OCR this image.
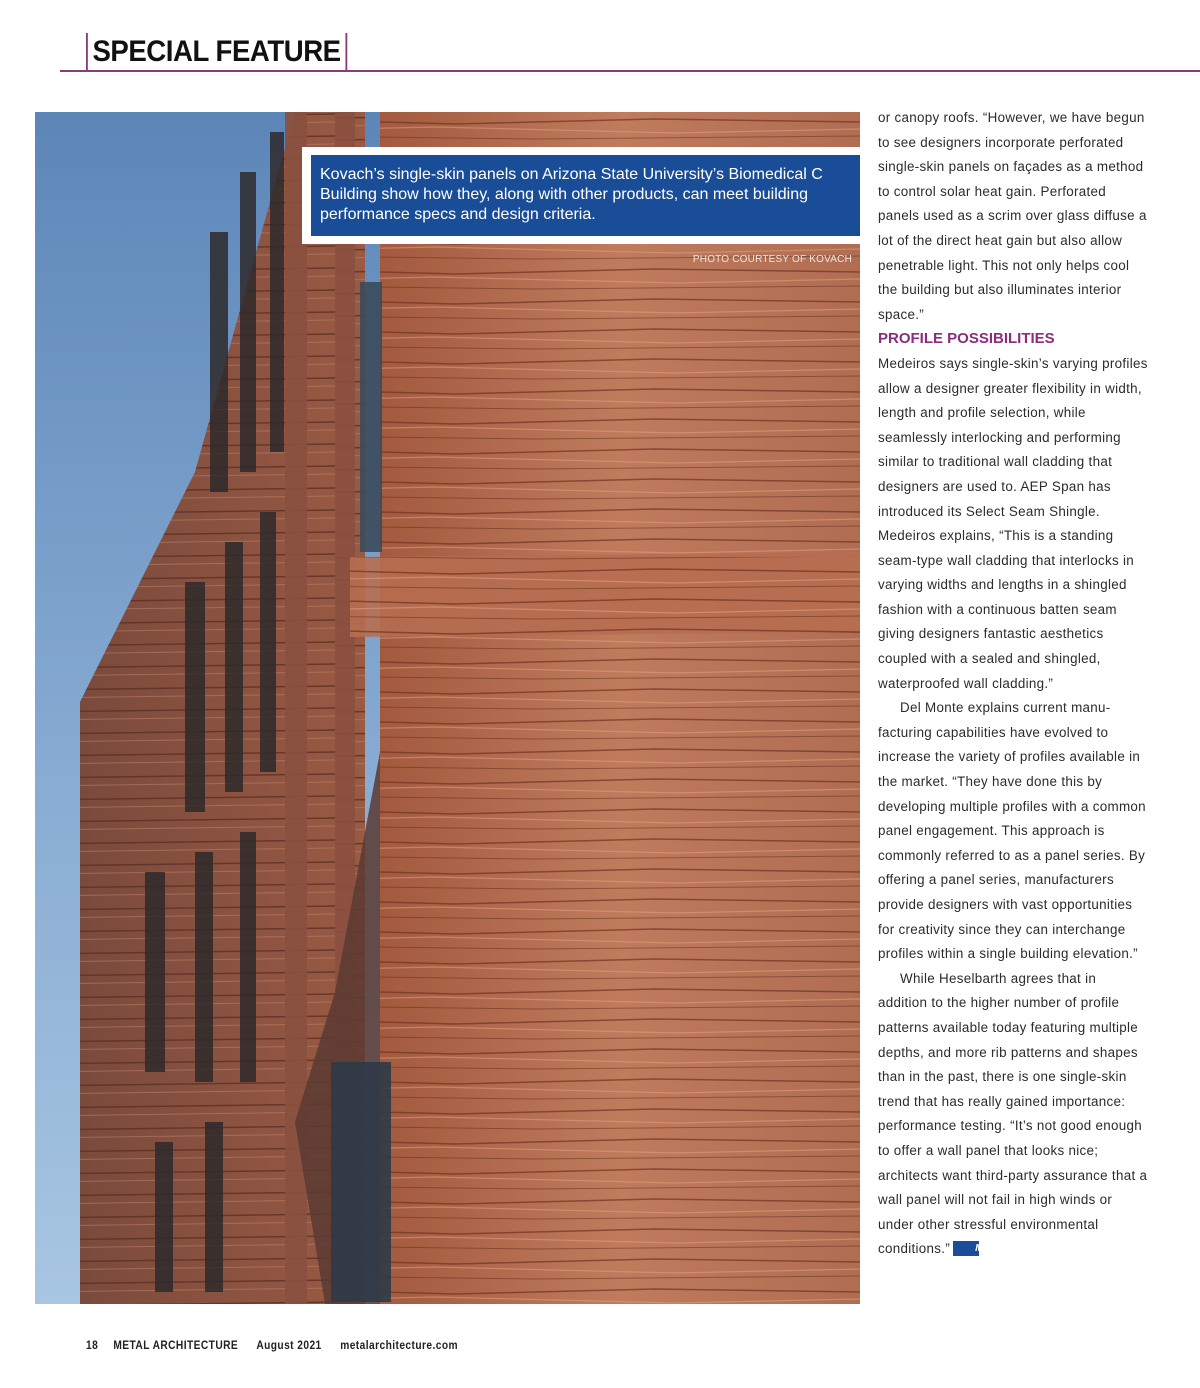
SPECIAL FEATURE
Kovach’s single-skin panels on Arizona State University’s Biomedical C Building show how they, along with other products, can meet building performance specs and design criteria.
PHOTO COURTESY OF KOVACH

or canopy roofs. “However, we have begun to see designers incorporate perforated single-skin panels on façades as a method to control solar heat gain. Perforated panels used as a scrim over glass diffuse a lot of the direct heat gain but also allow penetrable light. This not only helps cool the building but also illuminates interior space.”

PROFILE POSSIBILITIES

Medeiros says single-skin’s varying profiles allow a designer greater flexibility in width, length and profile selection, while seamlessly interlocking and performing similar to traditional wall cladding that designers are used to. AEP Span has introduced its Select Seam Shingle. Medeiros explains, “This is a standing seam-type wall cladding that interlocks in varying widths and lengths in a shingled fashion with a continuous batten seam giving designers fantastic aesthetics coupled with a sealed and shingled, waterproofed wall cladding.”

Del Monte explains current manufacturing capabilities have evolved to increase the variety of profiles available in the market. “They have done this by developing multiple profiles with a common panel engagement. This approach is commonly referred to as a panel series. By offering a panel series, manufacturers provide designers with vast opportunities for creativity since they can interchange profiles within a single building elevation.”

While Heselbarth agrees that in addition to the higher number of profile patterns available today featuring multiple depths, and more rib patterns and shapes than in the past, there is one single-skin trend that has really gained importance: performance testing. “It’s not good enough to offer a wall panel that looks nice; architects want third-party assurance that a wall panel will not fail in high winds or under other stressful environmental conditions.”	MA

18 METAL ARCHITECTURE August 2021 metalarchitecture.com
